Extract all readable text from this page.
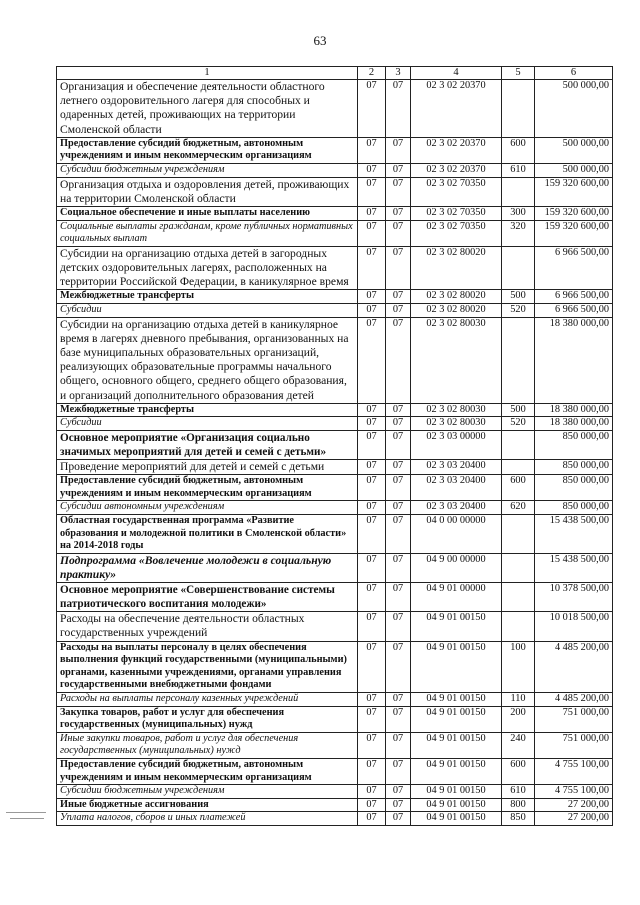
63
1	2	3	4	5	6
Организация и обеспечение деятельности областного летнего оздоровительного лагеря для способных и одаренных детей, проживающих на территории Смоленской области	07	07	02 3 02 20370		500 000,00
Предоставление субсидий бюджетным, автономным учреждениям и иным некоммерческим организациям	07	07	02 3 02 20370	600	500 000,00
Субсидии бюджетным учреждениям	07	07	02 3 02 20370	610	500 000,00
Организация отдыха и оздоровления детей, проживающих на территории Смоленской области	07	07	02 3 02 70350		159 320 600,00
Социальное обеспечение и иные выплаты населению	07	07	02 3 02 70350	300	159 320 600,00
Социальные выплаты гражданам, кроме публичных нормативных социальных выплат	07	07	02 3 02 70350	320	159 320 600,00
Субсидии на организацию отдыха детей в загородных детских оздоровительных лагерях, расположенных на территории Российской Федерации, в каникулярное время	07	07	02 3 02 80020		6 966 500,00
Межбюджетные трансферты	07	07	02 3 02 80020	500	6 966 500,00
Субсидии	07	07	02 3 02 80020	520	6 966 500,00
Субсидии на организацию отдыха детей в каникулярное время в лагерях дневного пребывания, организованных на базе муниципальных образовательных организаций, реализующих образовательные программы начального общего, основного общего, среднего общего образования, и организаций дополнительного образования детей	07	07	02 3 02 80030		18 380 000,00
Межбюджетные трансферты	07	07	02 3 02 80030	500	18 380 000,00
Субсидии	07	07	02 3 02 80030	520	18 380 000,00
Основное мероприятие «Организация социально значимых мероприятий для детей и семей с детьми»	07	07	02 3 03 00000		850 000,00
Проведение мероприятий для детей и семей с детьми	07	07	02 3 03 20400		850 000,00
Предоставление субсидий бюджетным, автономным учреждениям и иным некоммерческим организациям	07	07	02 3 03 20400	600	850 000,00
Субсидии автономным учреждениям	07	07	02 3 03 20400	620	850 000,00
Областная государственная программа «Развитие образования и молодежной политики в Смоленской области» на 2014-2018 годы	07	07	04 0 00 00000		15 438 500,00
Подпрограмма «Вовлечение молодежи в социальную практику»	07	07	04 9 00 00000		15 438 500,00
Основное мероприятие «Совершенствование системы патриотического воспитания молодежи»	07	07	04 9 01 00000		10 378 500,00
Расходы на обеспечение деятельности областных государственных учреждений	07	07	04 9 01 00150		10 018 500,00
Расходы на выплаты персоналу в целях обеспечения выполнения функций государственными (муниципальными) органами, казенными учреждениями, органами управления государственными внебюджетными фондами	07	07	04 9 01 00150	100	4 485 200,00
Расходы на выплаты персоналу казенных учреждений	07	07	04 9 01 00150	110	4 485 200,00
Закупка товаров, работ и услуг для обеспечения государственных (муниципальных) нужд	07	07	04 9 01 00150	200	751 000,00
Иные закупки товаров, работ и услуг для обеспечения государственных (муниципальных) нужд	07	07	04 9 01 00150	240	751 000,00
Предоставление субсидий бюджетным, автономным учреждениям и иным некоммерческим организациям	07	07	04 9 01 00150	600	4 755 100,00
Субсидии бюджетным учреждениям	07	07	04 9 01 00150	610	4 755 100,00
Иные бюджетные ассигнования	07	07	04 9 01 00150	800	27 200,00
Уплата налогов, сборов и иных платежей	07	07	04 9 01 00150	850	27 200,00
